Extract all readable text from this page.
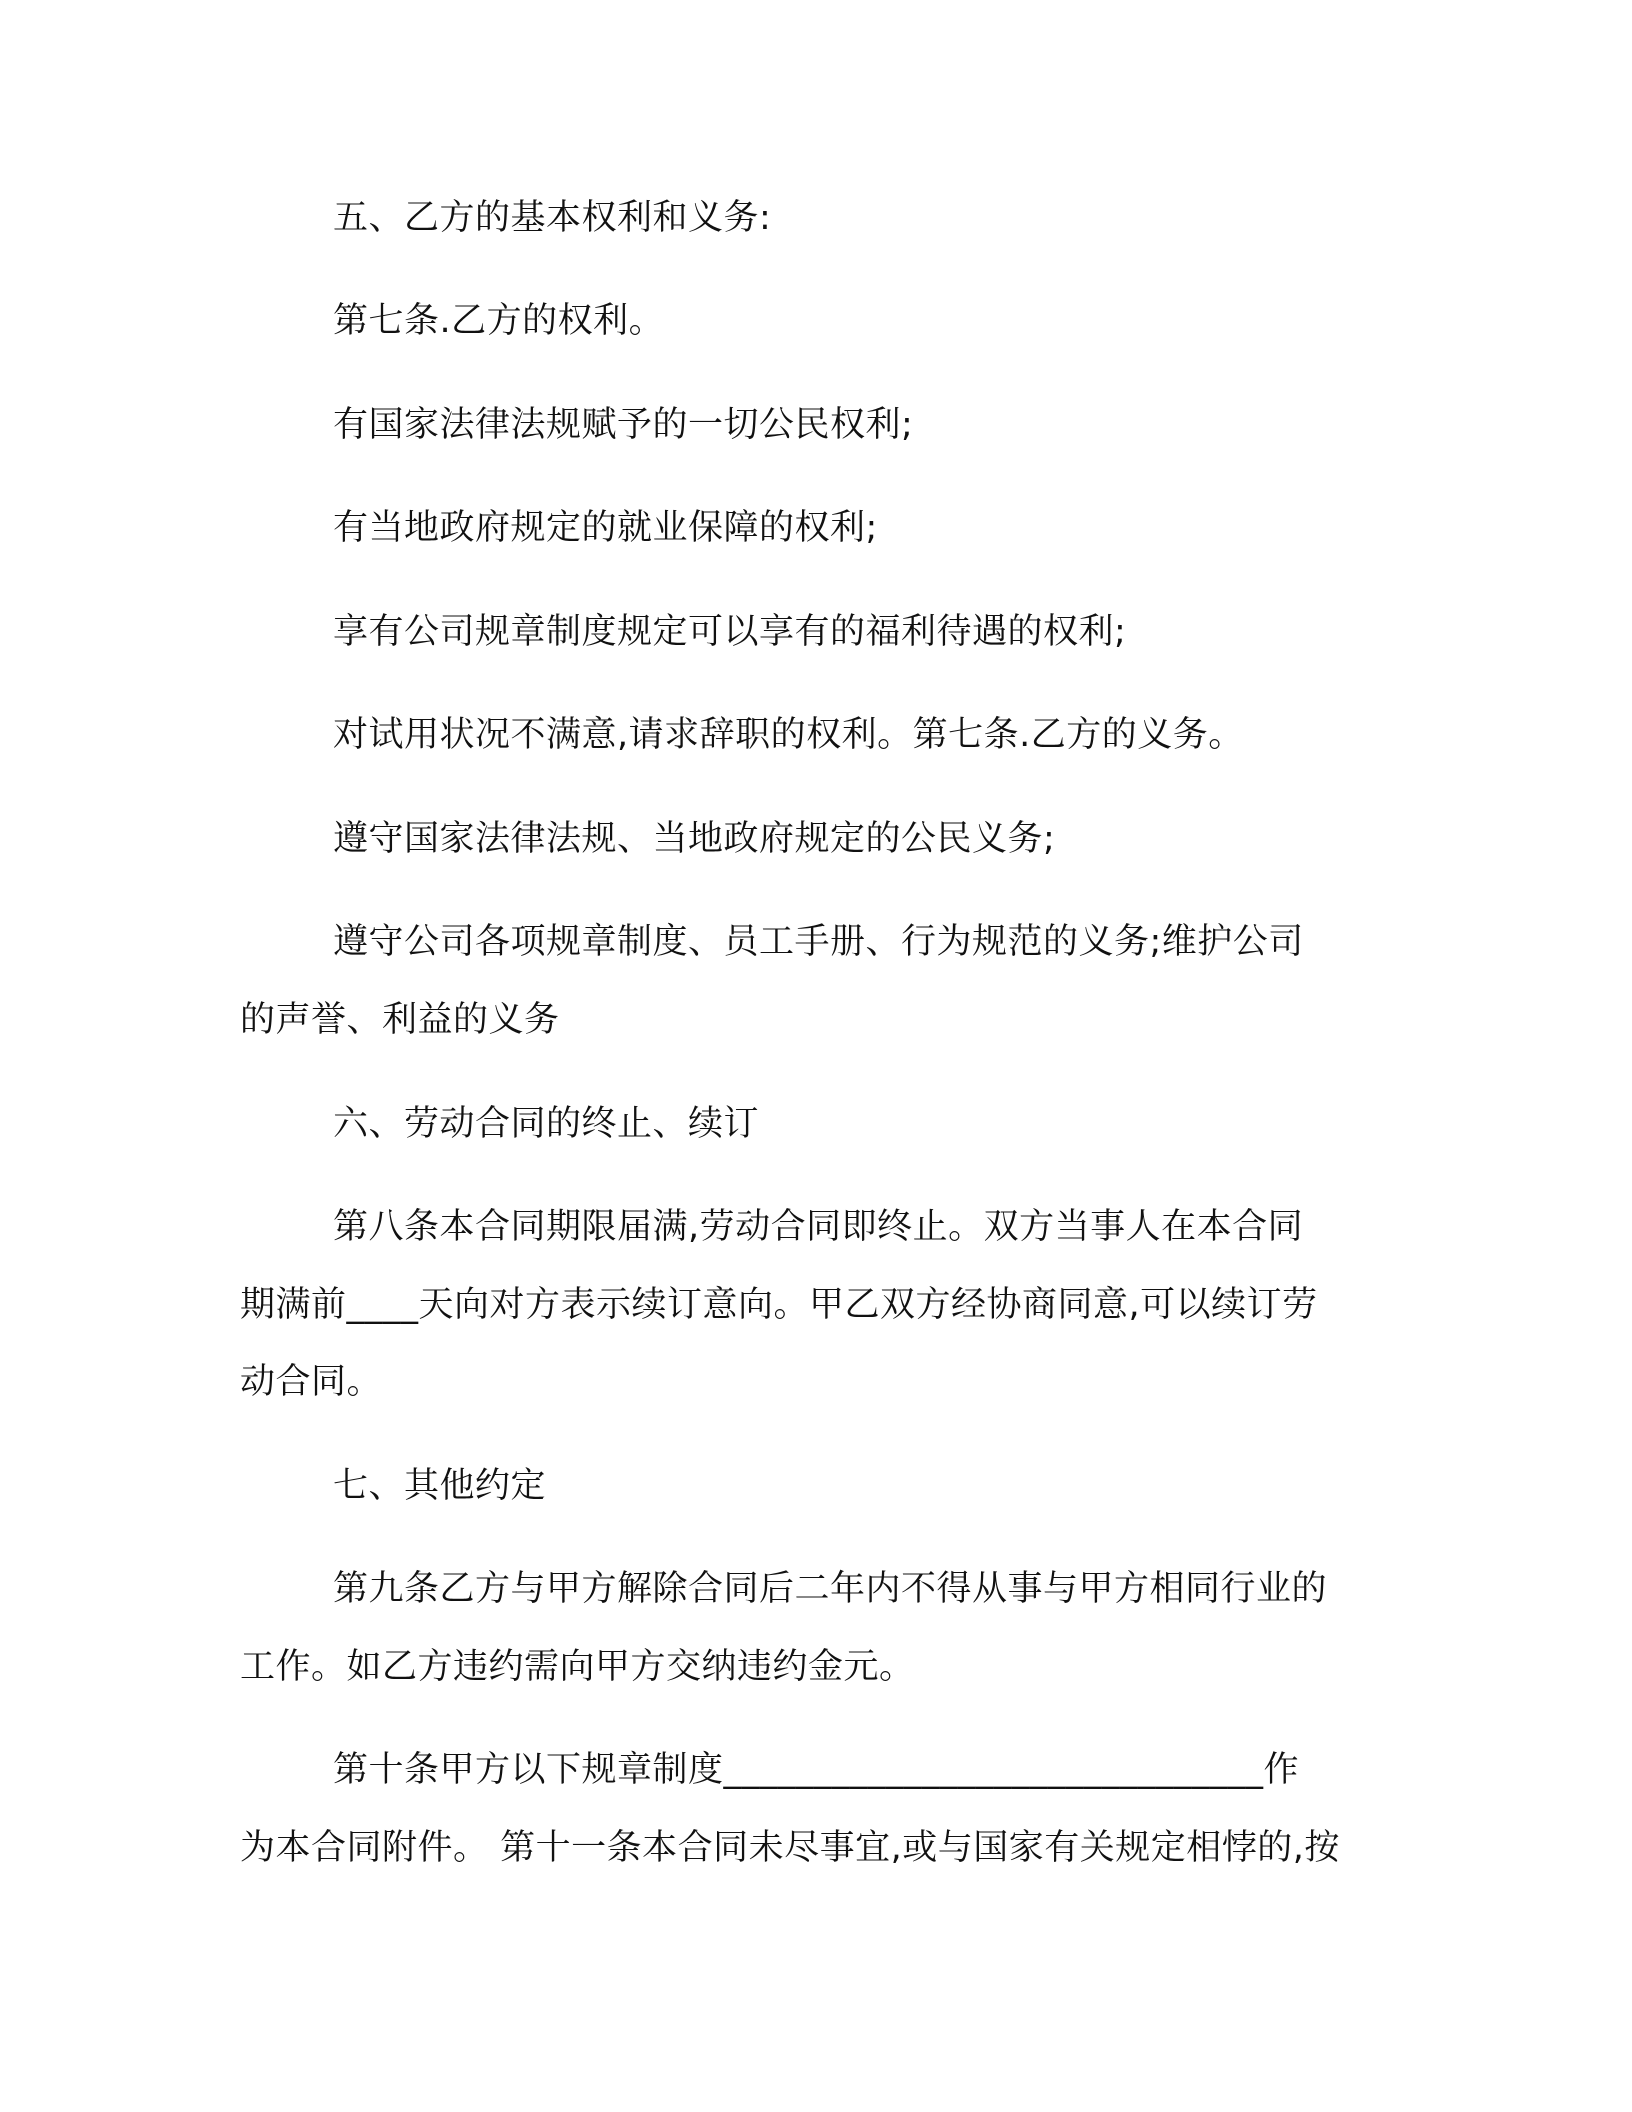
五、乙方的基本权利和义务:
第七条.乙方的权利。
有国家法律法规赋予的一切公民权利;
有当地政府规定的就业保障的权利;
享有公司规章制度规定可以享有的福利待遇的权利;
对试用状况不满意,请求辞职的权利。第七条.乙方的义务。
遵守国家法律法规、当地政府规定的公民义务;
遵守公司各项规章制度、员工手册、行为规范的义务;维护公司
的声誉、利益的义务
六、劳动合同的终止、续订
第八条本合同期限届满,劳动合同即终止。双方当事人在本合同
期满前____天向对方表示续订意向。甲乙双方经协商同意,可以续订劳
动合同。
七、其他约定
第九条乙方与甲方解除合同后二年内不得从事与甲方相同行业的
工作。如乙方违约需向甲方交纳违约金元。
第十条甲方以下规章制度______________________________作
为本合同附件。 第十一条本合同未尽事宜,或与国家有关规定相悖的,按
